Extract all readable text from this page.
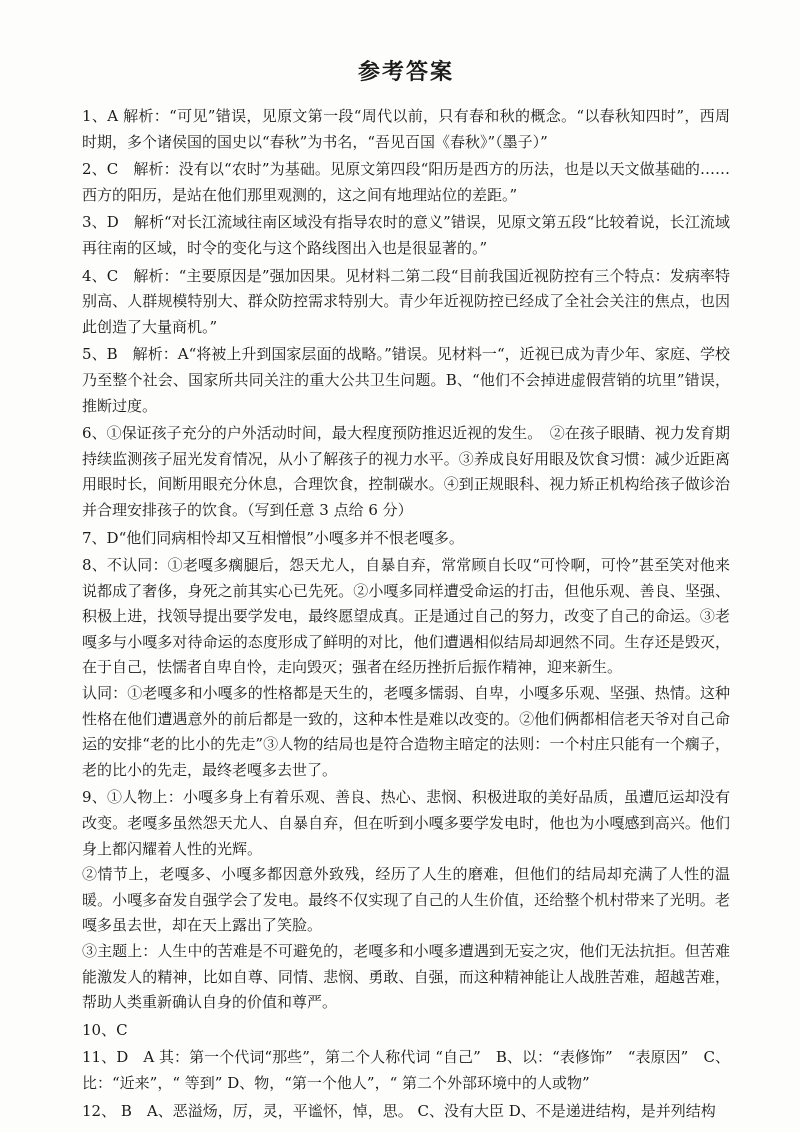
参考答案

1、A 解析：“可见”错误，见原文第一段“周代以前，只有春和秋的概念。“以春秋知四时”，西周时期，多个诸侯国的国史以“春秋”为书名，“吾见百国《春秋》”（墨子）”

2、C　解析：没有以“农时”为基础。见原文第四段“阳历是西方的历法，也是以天文做基础的……西方的阳历，是站在他们那里观测的，这之间有地理站位的差距。”

3、D　解析“对长江流域往南区域没有指导农时的意义”错误，见原文第五段“比较着说，长江流域再往南的区域，时令的变化与这个路线图出入也是很显著的。”

4、C　解析：“主要原因是”强加因果。见材料二第二段“目前我国近视防控有三个特点：发病率特别高、人群规模特别大、群众防控需求特别大。青少年近视防控已经成了全社会关注的焦点，也因此创造了大量商机。”

5、B　解析：A“将被上升到国家层面的战略。”错误。见材料一“，近视已成为青少年、家庭、学校乃至整个社会、国家所共同关注的重大公共卫生问题。B、“他们不会掉进虚假营销的坑里”错误，推断过度。

6、①保证孩子充分的户外活动时间，最大程度预防推迟近视的发生。　②在孩子眼睛、视力发育期持续监测孩子屈光发育情况，从小了解孩子的视力水平。③养成良好用眼及饮食习惯：减少近距离用眼时长，间断用眼充分休息，合理饮食，控制碳水。④到正规眼科、视力矫正机构给孩子做诊治并合理安排孩子的饮食。（写到任意 3 点给 6 分）

7、D“他们同病相怜却又互相憎恨”小嘎多并不恨老嘎多。

8、不认同：①老嘎多瘸腿后，怨天尤人，自暴自弃，常常顾自长叹“可怜啊，可怜”甚至笑对他来说都成了奢侈，身死之前其实心已先死。②小嘎多同样遭受命运的打击，但他乐观、善良、坚强、积极上进，找领导提出要学发电，最终愿望成真。正是通过自己的努力，改变了自己的命运。③老嘎多与小嘎多对待命运的态度形成了鲜明的对比，他们遭遇相似结局却迥然不同。生存还是毁灭，在于自己，怯懦者自卑自怜，走向毁灭；强者在经历挫折后振作精神，迎来新生。

认同：①老嘎多和小嘎多的性格都是天生的，老嘎多懦弱、自卑，小嘎多乐观、坚强、热情。这种性格在他们遭遇意外的前后都是一致的，这种本性是难以改变的。②他们俩都相信老天爷对自己命运的安排“老的比小的先走”③人物的结局也是符合造物主暗定的法则：一个村庄只能有一个瘸子，老的比小的先走，最终老嘎多去世了。

9、①人物上：小嘎多身上有着乐观、善良、热心、悲悯、积极进取的美好品质，虽遭厄运却没有改变。老嘎多虽然怨天尤人、自暴自弃，但在听到小嘎多要学发电时，他也为小嘎感到高兴。他们身上都闪耀着人性的光辉。

②情节上，老嘎多、小嘎多都因意外致残，经历了人生的磨难，但他们的结局却充满了人性的温暖。小嘎多奋发自强学会了发电。最终不仅实现了自己的人生价值，还给整个机村带来了光明。老嘎多虽去世，却在天上露出了笑脸。

③主题上：人生中的苦难是不可避免的，老嘎多和小嘎多遭遇到无妄之灾，他们无法抗拒。但苦难能激发人的精神，比如自尊、同情、悲悯、勇敢、自强，而这种精神能让人战胜苦难，超越苦难，帮助人类重新确认自身的价值和尊严。

10、C

11、D　A 其：第一个代词“那些”，第二个人称代词 “自己”　B、以：“表修饰”　“表原因”　C、比：“近来”，“ 等到” D、物，“第一个他人”，“ 第二个外部环境中的人或物”

12、 B　A、恶溢炀，厉，灵，平谧怀，悼，思。 C、没有大臣 D、不是递进结构，是并列结构
